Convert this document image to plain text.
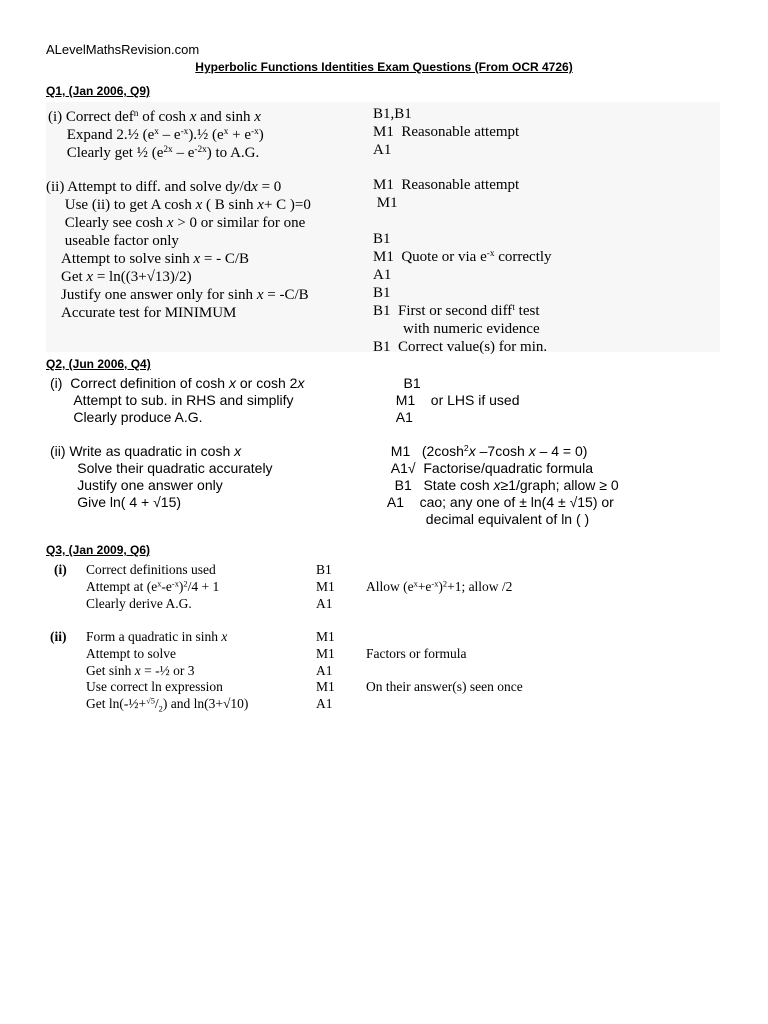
ALevelMathsRevision.com
Hyperbolic Functions Identities Exam Questions (From OCR 4726)
Q1, (Jan 2006, Q9)
(i) Correct def$^n$ of cosh x and sinh x
Expand 2.½ ($e^x$ – $e^{-x}).\frac{1}{2}$ $(e^x + e^{-x})$
Clearly get ½ $(e^{2x} - e^{-2x})$ to A.G.
B1,B1
M1  Reasonable attempt
A1
(ii) Attempt to diff. and solve dy/dx = 0
Use (ii) to get A cosh x ( B sinh x+ C )=0
Clearly see cosh x > 0 or similar for one
useable factor only
Attempt to solve sinh x = - C/B
Get x = ln((3+√13)/2)
Justify one answer only for sinh x = -C/B
Accurate test for MINIMUM
M1  Reasonable attempt
M1

B1
M1  Quote or via $e^{-x}$ correctly
A1
B1
B1  First or second diff$^t$ test
with numeric evidence
B1  Correct value(s) for min.
Q2, (Jun 2006, Q4)
(i)  Correct definition of cosh x or cosh 2x
Attempt to sub. in RHS and simplify
Clearly produce A.G.
B1
M1    or LHS if used
A1
(ii) Write as quadratic in cosh x
Solve their quadratic accurately
Justify one answer only
Give ln( 4 + √15)
M1   ($2\cosh^2x$ –7cosh x – 4 = 0)
A1√  Factorise/quadratic formula
B1   State cosh x≥1/graph; allow ≥ 0
A1    cao; any one of ± ln(4 ± √15) or
decimal equivalent of ln ( )
Q3, (Jan 2009, Q6)
(i) Correct definitions used
Attempt at $(e^x-e^{-x})^2/4 + 1$
Clearly derive A.G.
B1
M1
A1

Allow $(e^x+e^{-x})^2+1$; allow /2

(ii) Form a quadratic in sinh x
Attempt to solve
Get sinh x = -½ or 3
Use correct ln expression
Get $\ln(-\frac{1}{2}+^{√5}/_2)$ and ln(3+√10)
M1
M1
A1
M1
A1

Factors or formula

On their answer(s) seen once
